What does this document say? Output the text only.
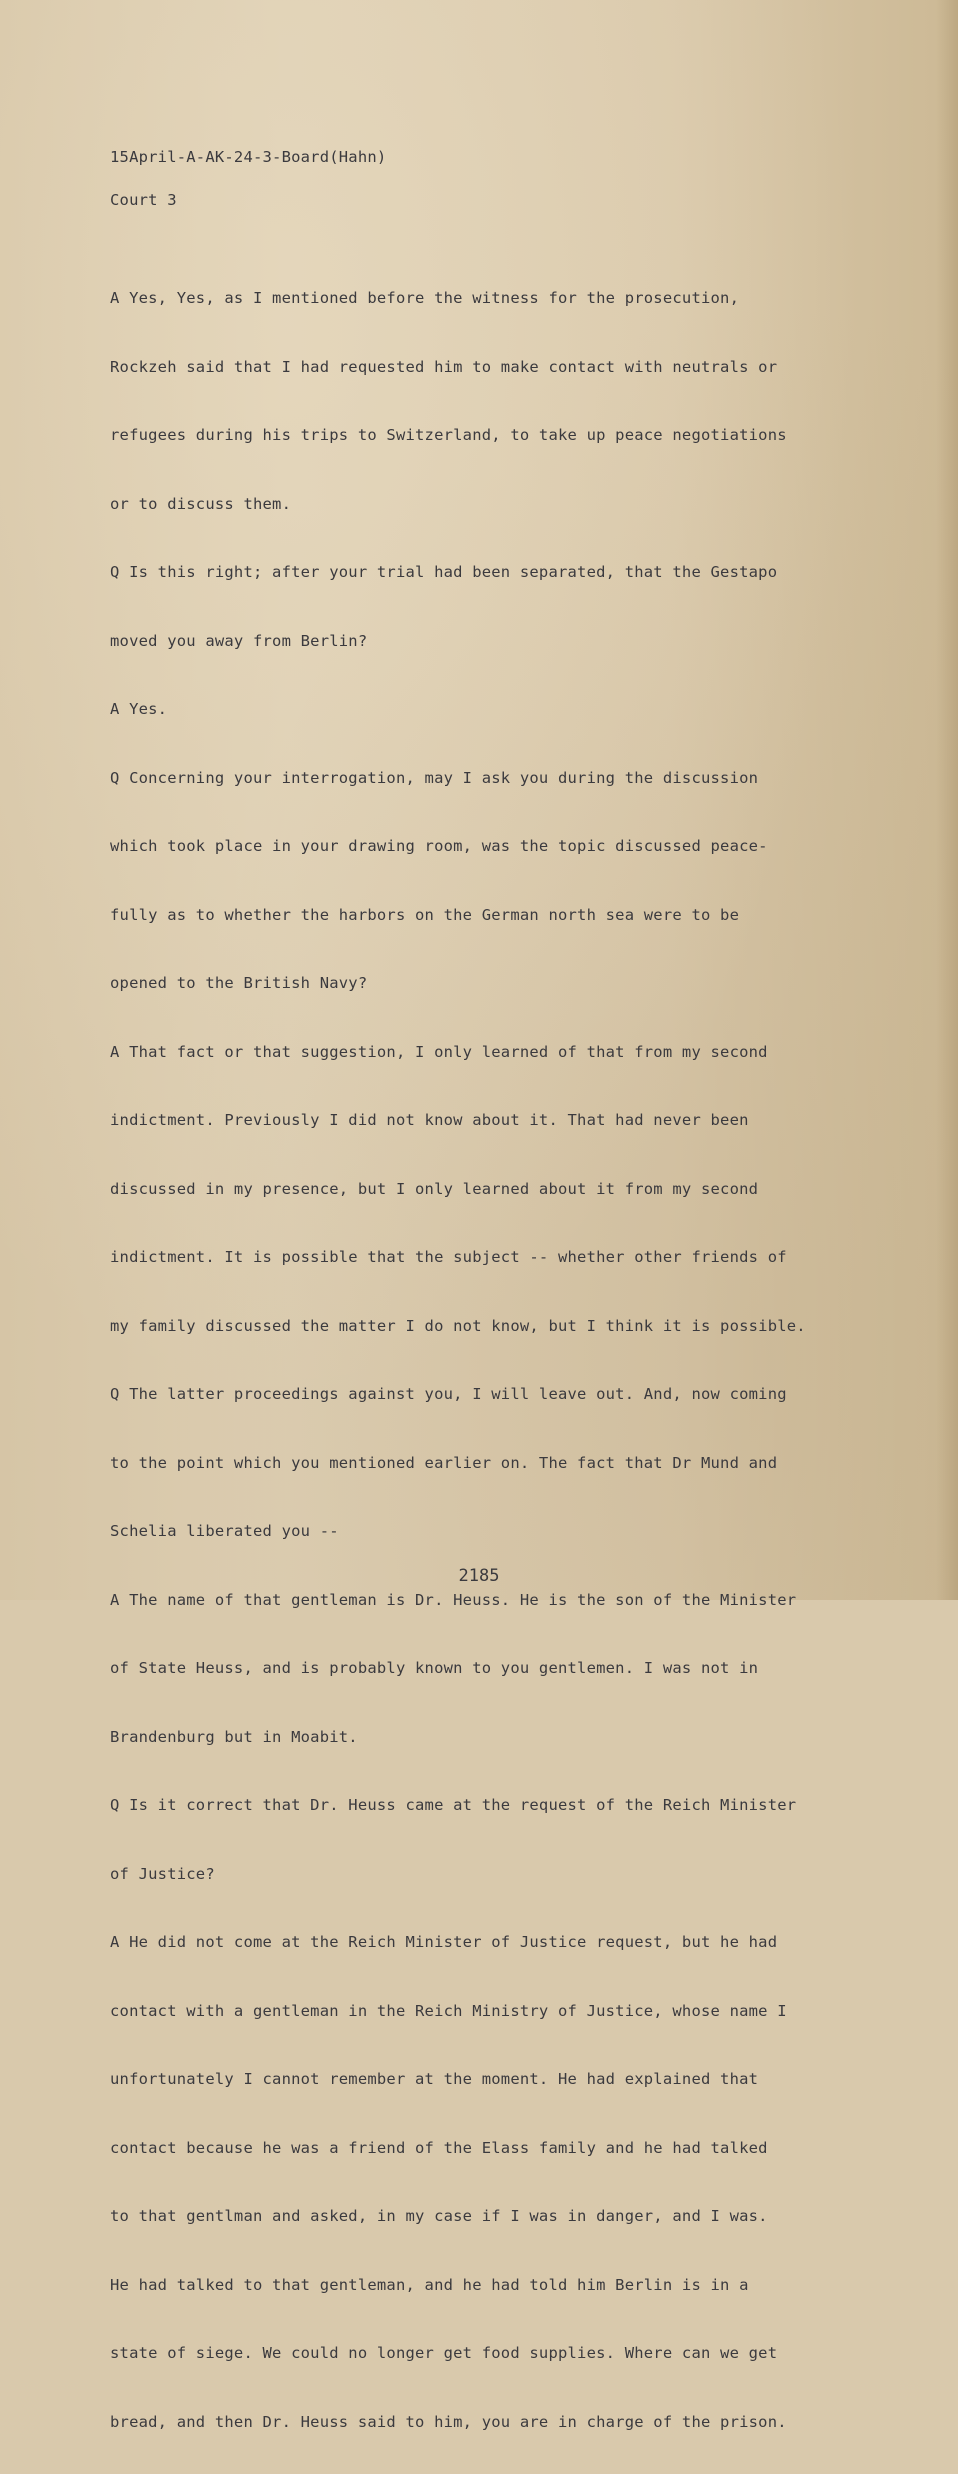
15April-A-AK-24-3-Board(Hahn)

Court 3

A Yes, Yes, as I mentioned before the witness for the prosecution,

Rockzeh said that I had requested him to make contact with neutrals or

refugees during his trips to Switzerland, to take up peace negotiations

or to discuss them.

Q Is this right; after your trial had been separated, that the Gestapo

moved you away from Berlin?

A Yes.

Q Concerning your interrogation, may I ask you during the discussion

which took place in your drawing room, was the topic discussed peace-

fully as to whether the harbors on the German north sea were to be

opened to the British Navy?

A That fact or that suggestion, I only learned of that from my second

indictment. Previously I did not know about it. That had never been

discussed in my presence, but I only learned about it from my second

indictment. It is possible that the subject -- whether other friends of

my family discussed the matter I do not know, but I think it is possible.

Q The latter proceedings against you, I will leave out. And, now coming

to the point which you mentioned earlier on. The fact that Dr Mund and

Schelia liberated you --

A The name of that gentleman is Dr. Heuss. He is the son of the Minister

of State Heuss, and is probably known to you gentlemen. I was not in

Brandenburg but in Moabit.

Q Is it correct that Dr. Heuss came at the request of the Reich Minister

of Justice?

A He did not come at the Reich Minister of Justice request, but he had

contact with a gentleman in the Reich Ministry of Justice, whose name I

unfortunately I cannot remember at the moment. He had explained that

contact because he was a friend of the Elass family and he had talked

to that gentlman and asked, in my case if I was in danger, and I was.

He had talked to that gentleman, and he had told him Berlin is in a

state of siege. We could no longer get food supplies. Where can we get

bread, and then Dr. Heuss said to him, you are in charge of the prison.

2185
